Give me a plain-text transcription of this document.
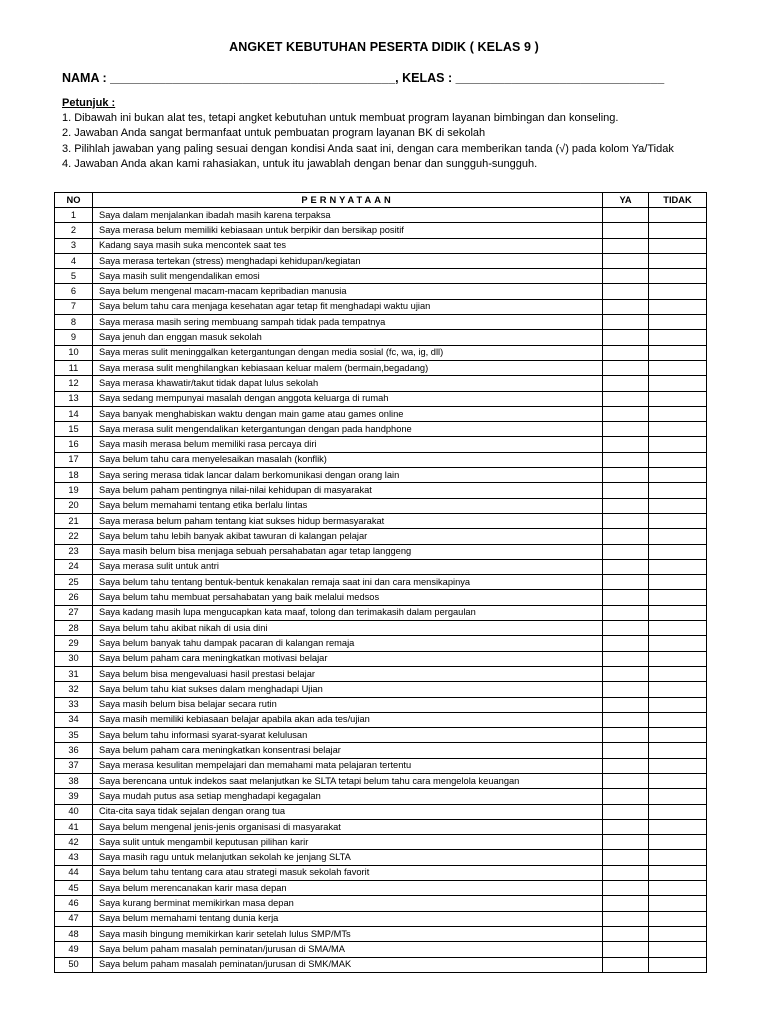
ANGKET KEBUTUHAN PESERTA DIDIK ( KELAS 9 )
NAMA : _________________________________________, KELAS : ______________________________

Petunjuk :

1. Dibawah ini bukan alat tes, tetapi angket kebutuhan untuk membuat program layanan bimbingan dan konseling.

2. Jawaban Anda sangat bermanfaat untuk pembuatan program layanan BK di sekolah

3. Pilihlah jawaban yang paling sesuai dengan kondisi Anda saat ini, dengan cara memberikan tanda (√) pada kolom Ya/Tidak

4. Jawaban Anda akan kami rahasiakan, untuk itu jawablah dengan benar dan sungguh-sungguh.

NO	PERNYATAAN	YA	TIDAK
1	Saya dalam menjalankan ibadah masih karena terpaksa		
2	Saya merasa belum memiliki kebiasaan untuk berpikir dan bersikap positif		
3	Kadang saya masih suka mencontek saat tes		
4	Saya merasa tertekan (stress) menghadapi kehidupan/kegiatan		
5	Saya masih sulit mengendalikan emosi		
6	Saya belum mengenal macam-macam kepribadian manusia		
7	Saya belum tahu cara menjaga kesehatan agar tetap fit menghadapi waktu ujian		
8	Saya merasa masih sering membuang sampah tidak pada tempatnya		
9	Saya jenuh dan enggan masuk sekolah		
10	Saya meras sulit meninggalkan ketergantungan dengan media sosial (fc, wa, ig, dll)		
11	Saya merasa sulit menghilangkan kebiasaan keluar malem (bermain,begadang)		
12	Saya merasa khawatir/takut tidak dapat lulus sekolah		
13	Saya sedang mempunyai masalah dengan anggota keluarga di rumah		
14	Saya banyak menghabiskan waktu dengan main game atau games online		
15	Saya merasa sulit mengendalikan ketergantungan dengan pada handphone		
16	Saya masih merasa belum memiliki rasa percaya diri		
17	Saya belum tahu cara menyelesaikan masalah (konflik)		
18	Saya sering merasa tidak lancar dalam berkomunikasi dengan orang lain		
19	Saya belum paham pentingnya nilai-nilai kehidupan di masyarakat		
20	Saya belum memahami tentang etika berlalu lintas		
21	Saya merasa belum paham tentang kiat sukses hidup bermasyarakat		
22	Saya belum tahu lebih banyak akibat tawuran di kalangan pelajar		
23	Saya masih belum bisa menjaga sebuah persahabatan agar tetap langgeng		
24	Saya merasa sulit untuk antri		
25	Saya belum tahu tentang bentuk-bentuk kenakalan remaja saat ini dan cara mensikapinya		
26	Saya belum tahu membuat persahabatan yang baik melalui medsos		
27	Saya kadang masih lupa mengucapkan kata maaf, tolong dan terimakasih dalam pergaulan		
28	Saya belum tahu akibat nikah di usia dini		
29	Saya belum banyak tahu dampak pacaran di kalangan remaja		
30	Saya belum paham cara meningkatkan motivasi belajar		
31	Saya belum bisa mengevaluasi hasil prestasi belajar		
32	Saya belum tahu kiat sukses dalam menghadapi Ujian		
33	Saya masih belum bisa belajar secara rutin		
34	Saya masih memiliki kebiasaan belajar apabila akan ada tes/ujian		
35	Saya belum tahu informasi syarat-syarat kelulusan		
36	Saya belum paham cara meningkatkan konsentrasi belajar		
37	Saya merasa kesulitan mempelajari dan memahami mata pelajaran tertentu		
38	Saya berencana untuk indekos saat melanjutkan ke SLTA tetapi belum tahu cara mengelola keuangan		
39	Saya mudah putus asa setiap menghadapi kegagalan		
40	Cita-cita saya tidak sejalan dengan orang tua		
41	Saya belum mengenal jenis-jenis organisasi di masyarakat		
42	Saya sulit untuk mengambil keputusan pilihan karir		
43	Saya masih ragu untuk melanjutkan sekolah ke jenjang SLTA		
44	Saya belum tahu tentang cara atau strategi masuk sekolah favorit		
45	Saya belum merencanakan karir masa depan		
46	Saya kurang berminat memikirkan masa depan		
47	Saya belum memahami tentang dunia kerja		
48	Saya masih bingung memikirkan karir setelah lulus SMP/MTs		
49	Saya belum paham masalah peminatan/jurusan di SMA/MA		
50	Saya belum paham masalah peminatan/jurusan di SMK/MAK		
